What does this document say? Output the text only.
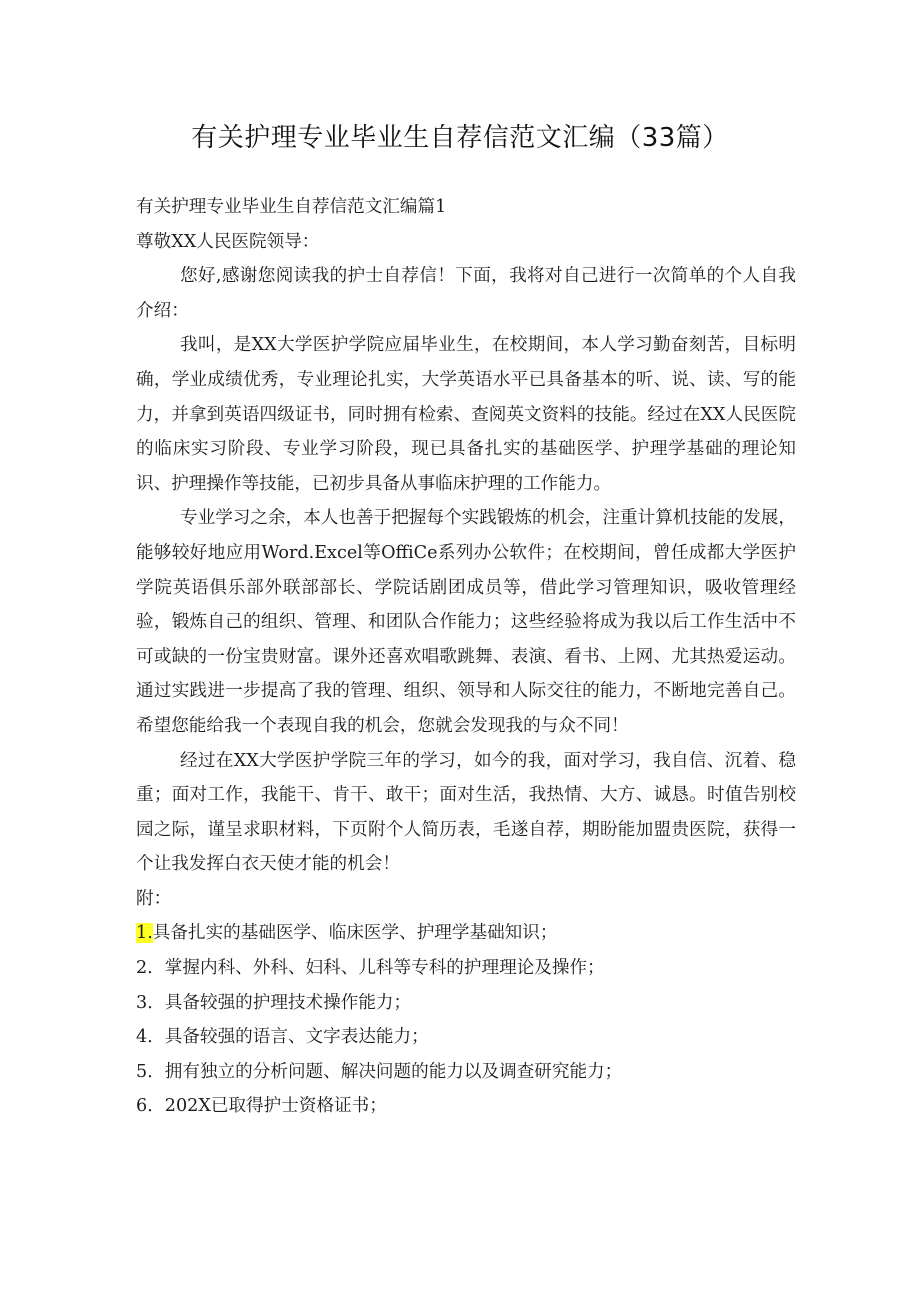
有关护理专业毕业生自荐信范文汇编（33篇）

有关护理专业毕业生自荐信范文汇编篇1

尊敬XX人民医院领导：

您好,感谢您阅读我的护士自荐信！下面，我将对自己进行一次简单的个人自我介绍：

我叫，是XX大学医护学院应届毕业生，在校期间，本人学习勤奋刻苦，目标明确，学业成绩优秀，专业理论扎实，大学英语水平已具备基本的听、说、读、写的能力，并拿到英语四级证书，同时拥有检索、查阅英文资料的技能。经过在XX人民医院的临床实习阶段、专业学习阶段，现已具备扎实的基础医学、护理学基础的理论知识、护理操作等技能，已初步具备从事临床护理的工作能力。

专业学习之余，本人也善于把握每个实践锻炼的机会，注重计算机技能的发展，能够较好地应用Word.Excel等OffiCe系列办公软件；在校期间，曾任成都大学医护学院英语俱乐部外联部部长、学院话剧团成员等，借此学习管理知识，吸收管理经验，锻炼自己的组织、管理、和团队合作能力；这些经验将成为我以后工作生活中不可或缺的一份宝贵财富。课外还喜欢唱歌跳舞、表演、看书、上网、尤其热爱运动。通过实践进一步提高了我的管理、组织、领导和人际交往的能力，不断地完善自己。希望您能给我一个表现自我的机会，您就会发现我的与众不同！

经过在XX大学医护学院三年的学习，如今的我，面对学习，我自信、沉着、稳重；面对工作，我能干、肯干、敢干；面对生活，我热情、大方、诚恳。时值告别校园之际，谨呈求职材料，下页附个人简历表，毛遂自荐，期盼能加盟贵医院，获得一个让我发挥白衣天使才能的机会！

附：

1.具备扎实的基础医学、临床医学、护理学基础知识；

2．掌握内科、外科、妇科、儿科等专科的护理理论及操作；

3．具备较强的护理技术操作能力；

4．具备较强的语言、文字表达能力；

5．拥有独立的分析问题、解决问题的能力以及调查研究能力；

6．202X已取得护士资格证书；
